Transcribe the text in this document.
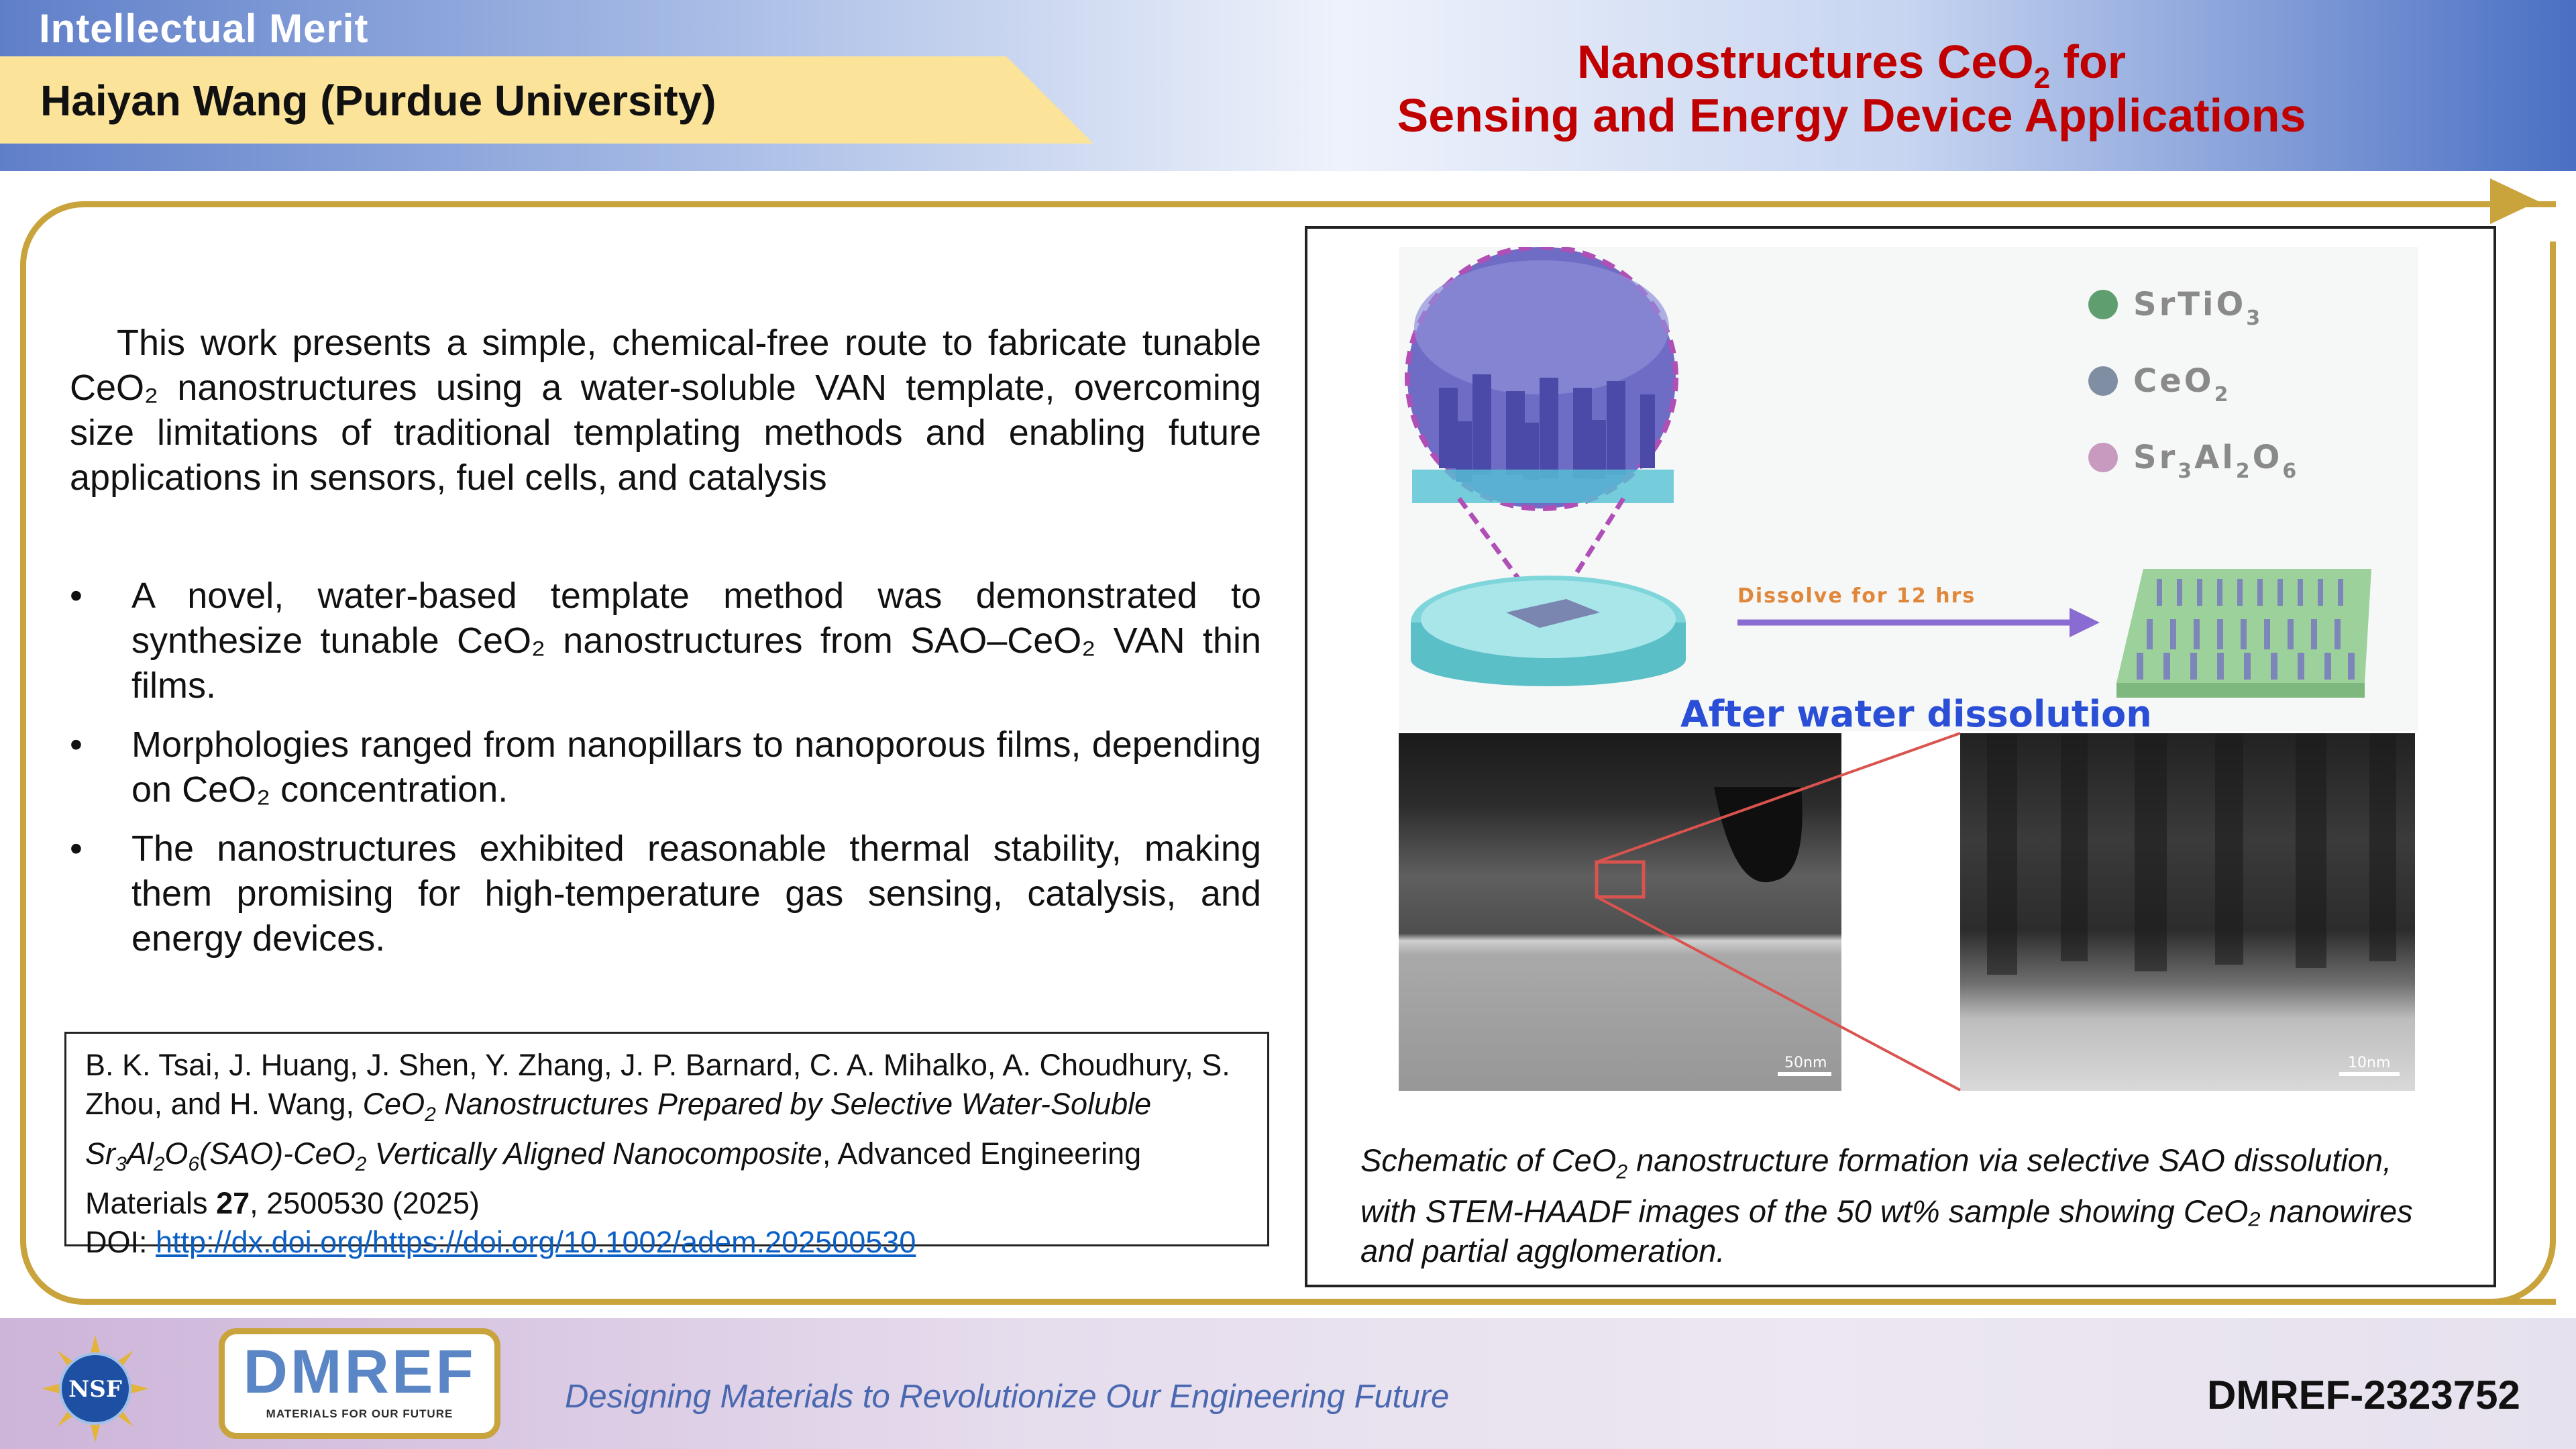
Intellectual Merit
Haiyan Wang (Purdue University)
Nanostructures CeO$_2$ for
Sensing and Energy Device Applications
This work presents a simple, chemical-free route to fabricate tunable CeO₂ nanostructures using a water-soluble VAN template, overcoming size limitations of traditional templating methods and enabling future applications in sensors, fuel cells, and catalysis
• A novel, water-based template method was demonstrated to synthesize tunable CeO₂ nanostructures from SAO–CeO₂ VAN thin films.
• Morphologies ranged from nanopillars to nanoporous films, depending on CeO₂ concentration.
• The nanostructures exhibited reasonable thermal stability, making them promising for high-temperature gas sensing, catalysis, and energy devices.
B. K. Tsai, J. Huang, J. Shen, Y. Zhang, J. P. Barnard, C. A. Mihalko, A. Choudhury, S. Zhou, and H. Wang, CeO$_2$ Nanostructures Prepared by Selective Water-Soluble $Sr_3Al_2O_6(SAO)-CeO_2$ Vertically Aligned Nanocomposite, Advanced Engineering Materials 27, 2500530 (2025)
DOI: http://dx.doi.org/https://doi.org/10.1002/adem.202500530
SrTiO$_3$
CeO$_2$
$Sr_3Al_2O_6$
Dissolve for 12 hrs
After water dissolution
50nm	10nm
Schematic of CeO$_2$ nanostructure formation via selective SAO dissolution, with STEM-HAADF images of the 50 wt% sample showing CeO₂ nanowires and partial agglomeration.
NSF DMREF
MATERIALS FOR OUR FUTURE	Designing Materials to Revolutionize Our Engineering Future	DMREF-2323752
